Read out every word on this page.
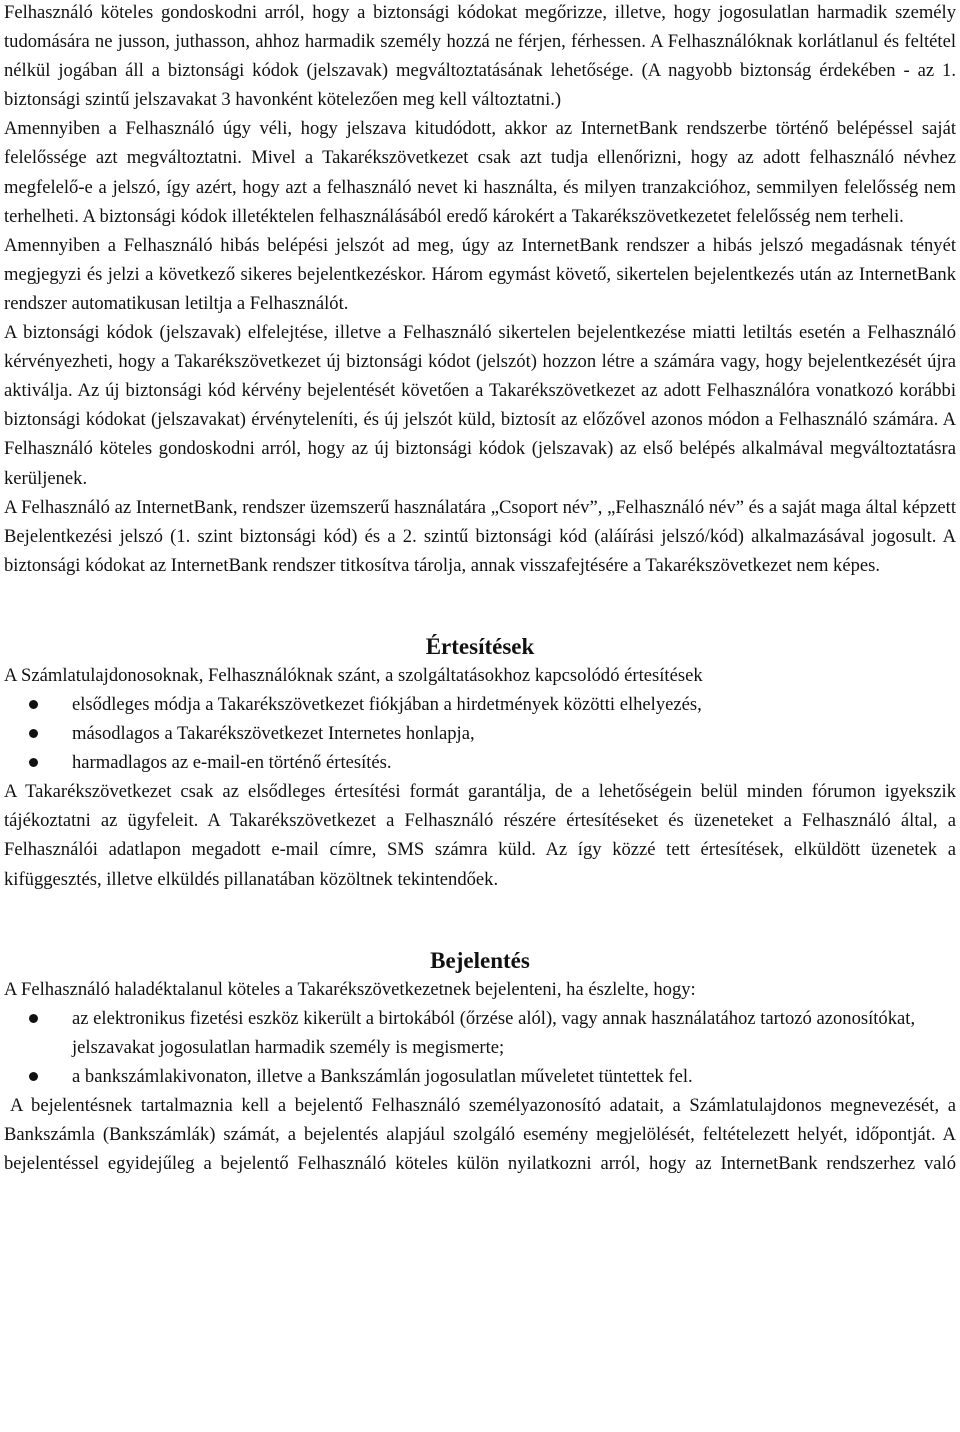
Felhasználó köteles gondoskodni arról, hogy a biztonsági kódokat megőrizze, illetve, hogy jogosulatlan harmadik személy tudomására ne jusson, juthasson, ahhoz harmadik személy hozzá ne férjen, férhessen. A Felhasználóknak korlátlanul és feltétel nélkül jogában áll a biztonsági kódok (jelszavak) megváltoztatásának lehetősége. (A nagyobb biztonság érdekében - az 1. biztonsági szintű jelszavakat 3 havonként kötelezően meg kell változtatni.)

Amennyiben a Felhasználó úgy véli, hogy jelszava kitudódott, akkor az InternetBank rendszerbe történő belépéssel saját felelőssége azt megváltoztatni. Mivel a Takarékszövetkezet csak azt tudja ellenőrizni, hogy az adott felhasználó névhez megfelelő-e a jelszó, így azért, hogy azt a felhasználó nevet ki használta, és milyen tranzakcióhoz, semmilyen felelősség nem terhelheti. A biztonsági kódok illetéktelen felhasználásából eredő károkért a Takarékszövetkezetet felelősség nem terheli.

Amennyiben a Felhasználó hibás belépési jelszót ad meg, úgy az InternetBank rendszer a hibás jelszó megadásnak tényét megjegyzi és jelzi a következő sikeres bejelentkezéskor. Három egymást követő, sikertelen bejelentkezés után az InternetBank rendszer automatikusan letiltja a Felhasználót.

A biztonsági kódok (jelszavak) elfelejtése, illetve a Felhasználó sikertelen bejelentkezése miatti letiltás esetén a Felhasználó kérvényezheti, hogy a Takarékszövetkezet új biztonsági kódot (jelszót) hozzon létre a számára vagy, hogy bejelentkezését újra aktiválja. Az új biztonsági kód kérvény bejelentését követően a Takarékszövetkezet az adott Felhasználóra vonatkozó korábbi biztonsági kódokat (jelszavakat) érvényteleníti, és új jelszót küld, biztosít az előzővel azonos módon a Felhasználó számára. A Felhasználó köteles gondoskodni arról, hogy az új biztonsági kódok (jelszavak) az első belépés alkalmával megváltoztatásra kerüljenek.

A Felhasználó az InternetBank, rendszer üzemszerű használatára „Csoport név”, „Felhasználó név” és a saját maga által képzett Bejelentkezési jelszó (1. szint biztonsági kód) és a 2. szintű biztonsági kód (aláírási jelszó/kód) alkalmazásával jogosult. A biztonsági kódokat az InternetBank rendszer titkosítva tárolja, annak visszafejtésére a Takarékszövetkezet nem képes.

Értesítések

A Számlatulajdonosoknak, Felhasználóknak szánt, a szolgáltatásokhoz kapcsolódó értesítések

elsődleges módja a Takarékszövetkezet fiókjában a hirdetmények közötti elhelyezés,
másodlagos a Takarékszövetkezet Internetes honlapja,
harmadlagos az e-mail-en történő értesítés.

A Takarékszövetkezet csak az elsődleges értesítési formát garantálja, de a lehetőségein belül minden fórumon igyekszik tájékoztatni az ügyfeleit. A Takarékszövetkezet a Felhasználó részére értesítéseket és üzeneteket a Felhasználó által, a Felhasználói adatlapon megadott e-mail címre, SMS számra küld. Az így közzé tett értesítések, elküldött üzenetek a kifüggesztés, illetve elküldés pillanatában közöltnek tekintendőek.

Bejelentés

A Felhasználó haladéktalanul köteles a Takarékszövetkezetnek bejelenteni, ha észlelte, hogy:

az elektronikus fizetési eszköz kikerült a birtokából (őrzése alól), vagy annak használatához tartozó azonosítókat, jelszavakat jogosulatlan harmadik személy is megismerte;
a bankszámlakivonaton, illetve a Bankszámlán jogosulatlan műveletet tüntettek fel.

A bejelentésnek tartalmaznia kell a bejelentő Felhasználó személyazonosító adatait, a Számlatulajdonos megnevezését, a Bankszámla (Bankszámlák) számát, a bejelentés alapjául szolgáló esemény megjelölését, feltételezett helyét, időpontját. A bejelentéssel egyidejűleg a bejelentő Felhasználó köteles külön nyilatkozni arról, hogy az InternetBank rendszerhez való
